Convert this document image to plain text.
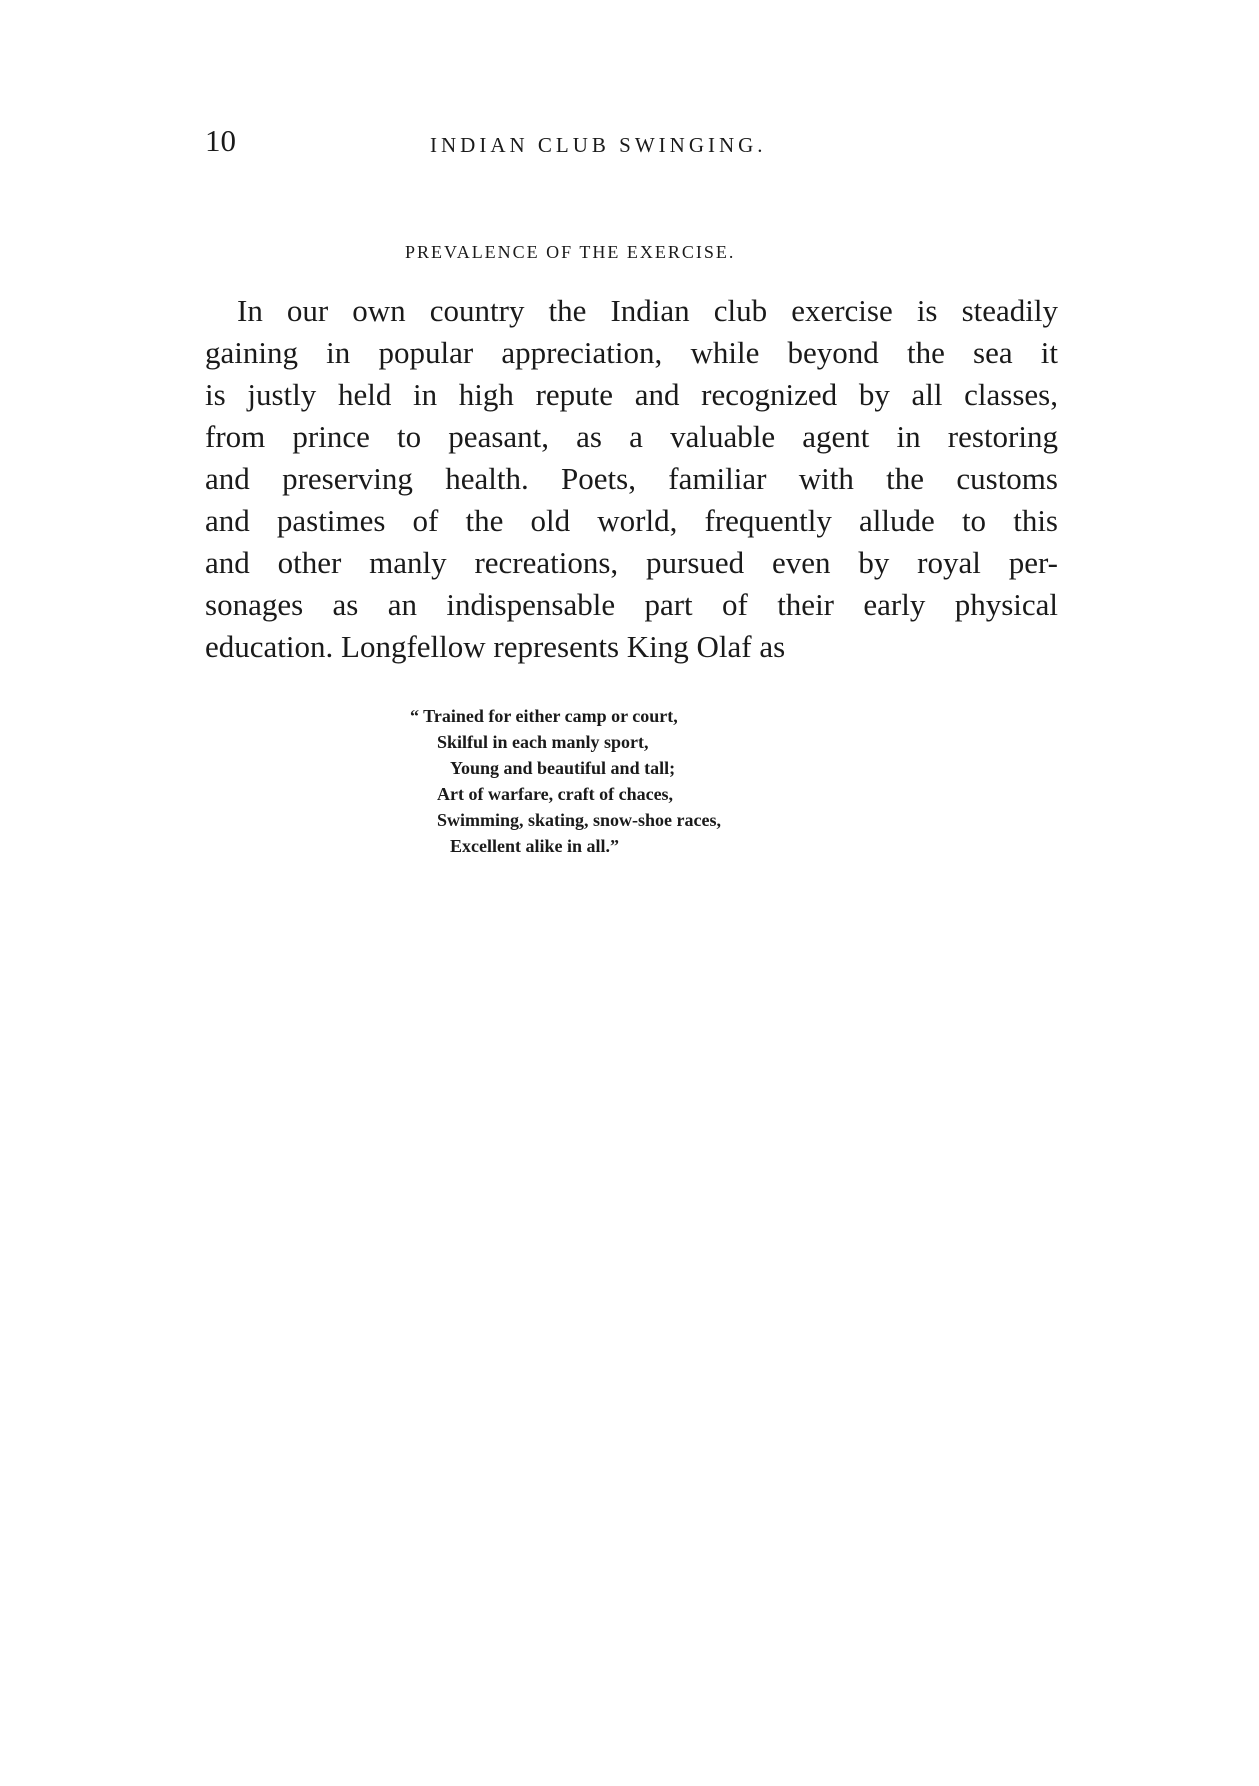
10	INDIAN CLUB SWINGING.
PREVALENCE OF THE EXERCISE.
In our own country the Indian club exercise is steadily
gaining in popular appreciation, while beyond the sea it
is justly held in high repute and recognized by all classes,
from prince to peasant, as a valuable agent in restoring
and preserving health. Poets, familiar with the customs
and pastimes of the old world, frequently allude to this
and other manly recreations, pursued even by royal per-
sonages as an indispensable part of their early physical
education. Longfellow represents King Olaf as
“ Trained for either camp or court,
Skilful in each manly sport,
Young and beautiful and tall;
Art of warfare, craft of chaces,
Swimming, skating, snow-shoe races,
Excellent alike in all.”
